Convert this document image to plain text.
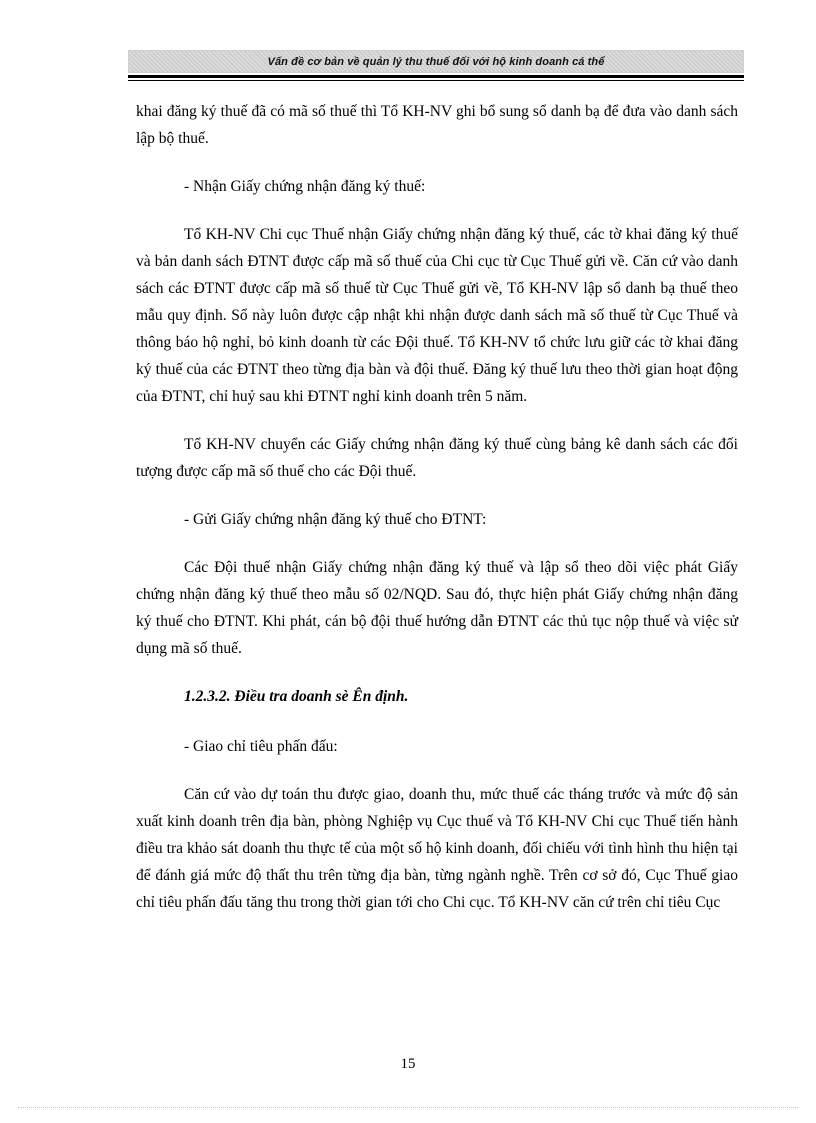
Vấn đề cơ bản về quản lý thu thuế đối với hộ kinh doanh cá thể

khai đăng ký thuế đã có mã số thuế thì Tổ KH-NV ghi bổ sung sổ danh bạ để đưa vào danh sách lập bộ thuế.

- Nhận Giấy chứng nhận đăng ký thuế:

Tổ KH-NV Chi cục Thuế nhận Giấy chứng nhận đăng ký thuế, các tờ khai đăng ký thuế và bản danh sách ĐTNT được cấp mã số thuế của Chi cục từ Cục Thuế gửi về. Căn cứ vào danh sách các ĐTNT được cấp mã số thuế từ Cục Thuế gửi về, Tổ KH-NV lập sổ danh bạ thuế theo mẫu quy định. Sổ này luôn được cập nhật khi nhận được danh sách mã số thuế từ Cục Thuế và thông báo hộ nghỉ, bỏ kinh doanh từ các Đội thuế. Tổ KH-NV tổ chức lưu giữ các tờ khai đăng ký thuế của các ĐTNT theo từng địa bàn và đội thuế. Đăng ký thuế lưu theo thời gian hoạt động của ĐTNT, chỉ huỷ sau khi ĐTNT nghỉ kinh doanh trên 5 năm.

Tổ KH-NV chuyển các Giấy chứng nhận đăng ký thuế cùng bảng kê danh sách các đối tượng được cấp mã số thuế cho các Đội thuế.

- Gửi Giấy chứng nhận đăng ký thuế cho ĐTNT:

Các Đội thuế nhận Giấy chứng nhận đăng ký thuế và lập sổ theo dõi việc phát Giấy chứng nhận đăng ký thuế theo mẫu số 02/NQD. Sau đó, thực hiện phát Giấy chứng nhận đăng ký thuế cho ĐTNT. Khi phát, cán bộ đội thuế hướng dẫn ĐTNT các thủ tục nộp thuế và việc sử dụng mã số thuế.

1.2.3.2. Điều tra doanh sè Ên định.

- Giao chỉ tiêu phấn đấu:

Căn cứ vào dự toán thu được giao, doanh thu, mức thuế các tháng trước và mức độ sản xuất kinh doanh trên địa bàn, phòng Nghiệp vụ Cục thuế và Tổ KH-NV Chi cục Thuế tiến hành điều tra khảo sát doanh thu thực tế của một số hộ kinh doanh, đối chiếu với tình hình thu hiện tại để đánh giá mức độ thất thu trên từng địa bàn, từng ngành nghề. Trên cơ sở đó, Cục Thuế giao chỉ tiêu phấn đấu tăng thu trong thời gian tới cho Chi cục. Tổ KH-NV căn cứ trên chỉ tiêu Cục

15
